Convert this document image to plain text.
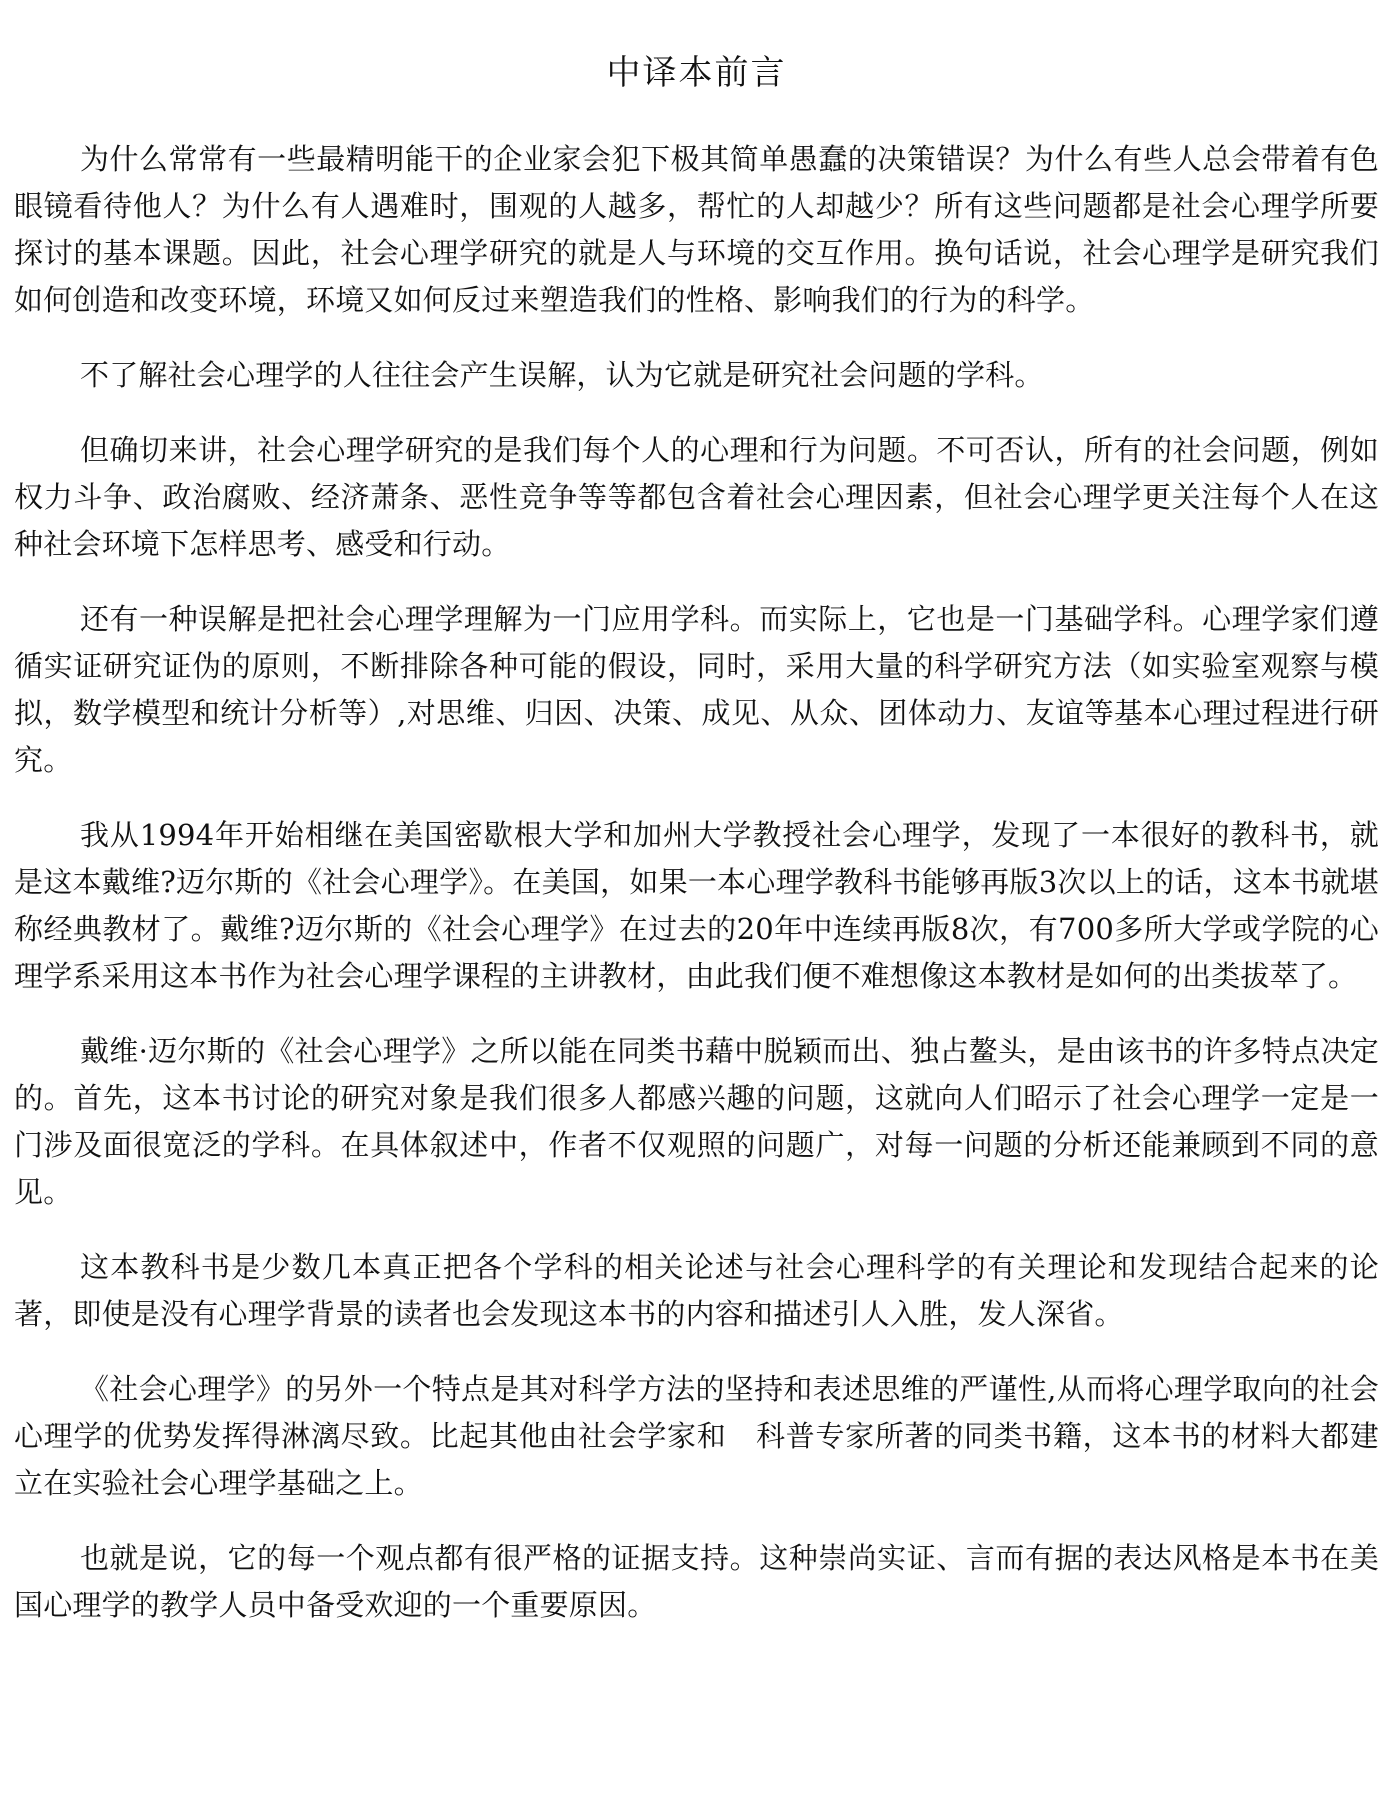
中译本前言

为什么常常有一些最精明能干的企业家会犯下极其简单愚蠢的决策错误？为什么有些人总会带着有色眼镜看待他人？为什么有人遇难时，围观的人越多，帮忙的人却越少？所有这些问题都是社会心理学所要探讨的基本课题。因此，社会心理学研究的就是人与环境的交互作用。换句话说，社会心理学是研究我们如何创造和改变环境，环境又如何反过来塑造我们的性格、影响我们的行为的科学。

不了解社会心理学的人往往会产生误解，认为它就是研究社会问题的学科。

但确切来讲，社会心理学研究的是我们每个人的心理和行为问题。不可否认，所有的社会问题，例如权力斗争、政治腐败、经济萧条、恶性竞争等等都包含着社会心理因素，但社会心理学更关注每个人在这种社会环境下怎样思考、感受和行动。

还有一种误解是把社会心理学理解为一门应用学科。而实际上，它也是一门基础学科。心理学家们遵循实证研究证伪的原则，不断排除各种可能的假设，同时，采用大量的科学研究方法（如实验室观察与模拟，数学模型和统计分析等）,对思维、归因、决策、成见、从众、团体动力、友谊等基本心理过程进行研究。

我从1994年开始相继在美国密歇根大学和加州大学教授社会心理学，发现了一本很好的教科书，就是这本戴维?迈尔斯的《社会心理学》。在美国，如果一本心理学教科书能够再版3次以上的话，这本书就堪称经典教材了。戴维?迈尔斯的《社会心理学》在过去的20年中连续再版8次，有700多所大学或学院的心理学系采用这本书作为社会心理学课程的主讲教材，由此我们便不难想像这本教材是如何的出类拔萃了。

戴维·迈尔斯的《社会心理学》之所以能在同类书藉中脱颖而出、独占鳌头，是由该书的许多特点决定的。首先，这本书讨论的研究对象是我们很多人都感兴趣的问题，这就向人们昭示了社会心理学一定是一门涉及面很宽泛的学科。在具体叙述中，作者不仅观照的问题广，对每一问题的分析还能兼顾到不同的意见。

这本教科书是少数几本真正把各个学科的相关论述与社会心理科学的有关理论和发现结合起来的论著，即使是没有心理学背景的读者也会发现这本书的内容和描述引人入胜，发人深省。

《社会心理学》的另外一个特点是其对科学方法的坚持和表述思维的严谨性,从而将心理学取向的社会心理学的优势发挥得淋漓尽致。比起其他由社会学家和　科普专家所著的同类书籍，这本书的材料大都建立在实验社会心理学基础之上。

也就是说，它的每一个观点都有很严格的证据支持。这种崇尚实证、言而有据的表达风格是本书在美国心理学的教学人员中备受欢迎的一个重要原因。
